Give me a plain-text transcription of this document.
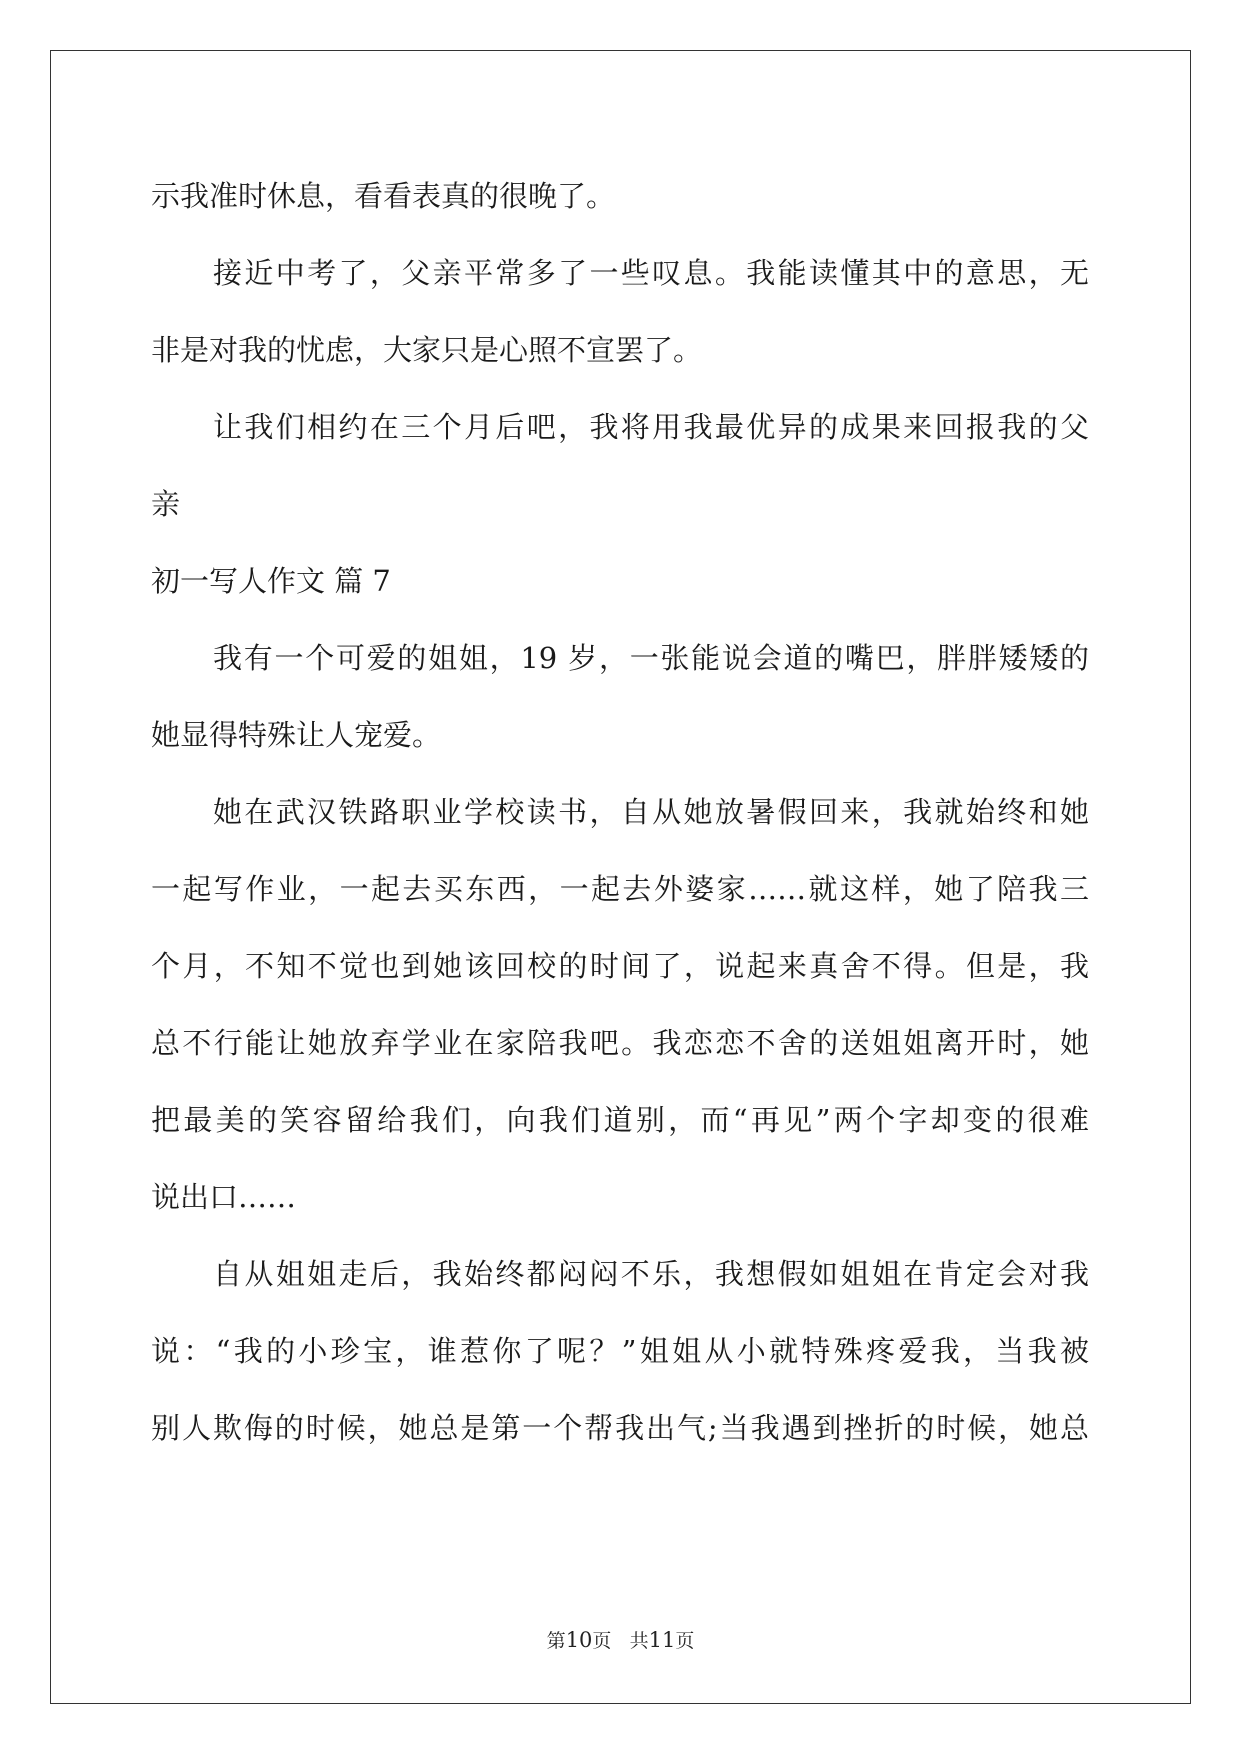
示我准时休息，看看表真的很晚了。
接近中考了，父亲平常多了一些叹息。我能读懂其中的意思，无
非是对我的忧虑，大家只是心照不宣罢了。
让我们相约在三个月后吧，我将用我最优异的成果来回报我的父
亲
初一写人作文 篇 7
我有一个可爱的姐姐，19 岁，一张能说会道的嘴巴，胖胖矮矮的
她显得特殊让人宠爱。
她在武汉铁路职业学校读书，自从她放暑假回来，我就始终和她
一起写作业，一起去买东西，一起去外婆家……就这样，她了陪我三
个月，不知不觉也到她该回校的时间了，说起来真舍不得。但是，我
总不行能让她放弃学业在家陪我吧。我恋恋不舍的送姐姐离开时，她
把最美的笑容留给我们，向我们道别，而“再见”两个字却变的很难
说出口……
自从姐姐走后，我始终都闷闷不乐，我想假如姐姐在肯定会对我
说：“我的小珍宝，谁惹你了呢？”姐姐从小就特殊疼爱我，当我被
别人欺侮的时候，她总是第一个帮我出气;当我遇到挫折的时候，她总
第10页 共11页
